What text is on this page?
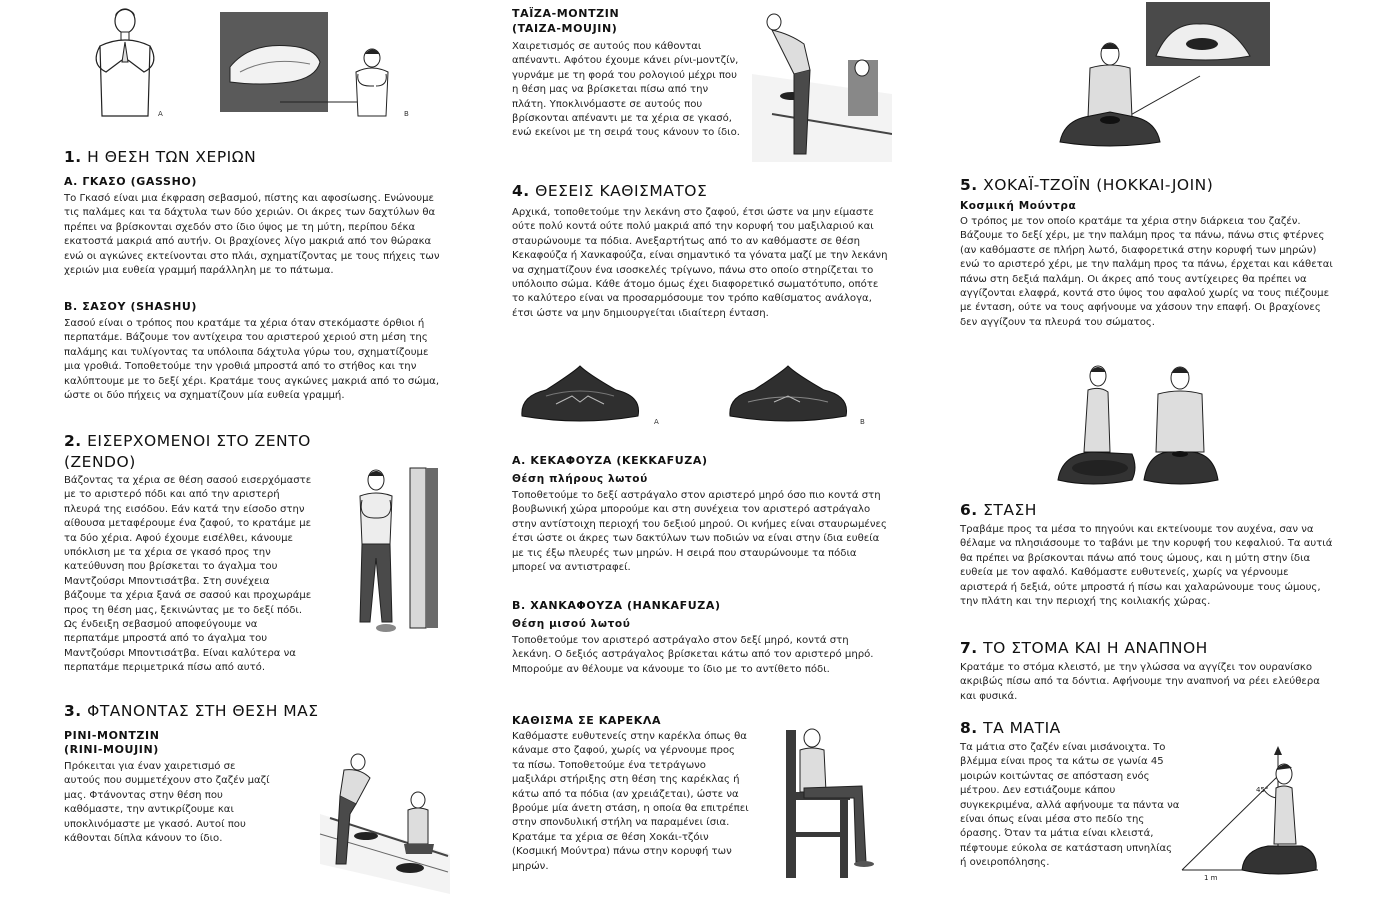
A	B
1. Η ΘΕΣΗ ΤΩΝ ΧΕΡΙΩΝ
Α. ΓΚΑΣΟ (GASSHO)

Το Γκασό είναι μια έκφραση σεβασμού, πίστης και αφοσίωσης. Ενώνουμε τις παλάμες και τα δάχτυλα των δύο χεριών. Οι άκρες των δαχτύλων θα πρέπει να βρίσκονται σχεδόν στο ίδιο ύψος με τη μύτη, περίπου δέκα εκατοστά μακριά από αυτήν. Οι βραχίονες λίγο μακριά από τον θώρακα ενώ οι αγκώνες εκτείνονται στο πλάι, σχηματίζοντας με τους πήχεις των χεριών μια ευθεία γραμμή παράλληλη με το πάτωμα.

Β. ΣΑΣΟΥ (SHASHU)

Σασού είναι ο τρόπος που κρατάμε τα χέρια όταν στεκόμαστε όρθιοι ή περπατάμε. Βάζουμε τον αντίχειρα του αριστερού χεριού στη μέση της παλάμης και τυλίγοντας τα υπόλοιπα δάχτυλα γύρω του, σχηματίζουμε μια γροθιά. Τοποθετούμε την γροθιά μπροστά από το στήθος και την καλύπτουμε με το δεξί χέρι. Κρατάμε τους αγκώνες μακριά από το σώμα, ώστε οι δύο πήχεις να σχηματίζουν μία ευθεία γραμμή.

2. ΕΙΣΕΡΧΟΜΕΝΟΙ ΣΤΟ ΖΕΝΤΟ
(ZENDO)

Βάζοντας τα χέρια σε θέση σασού εισερχόμαστε με το αριστερό πόδι και από την αριστερή πλευρά της εισόδου. Εάν κατά την είσοδο στην αίθουσα μεταφέρουμε ένα ζαφού, το κρατάμε με τα δύο χέρια. Αφού έχουμε εισέλθει, κάνουμε υπόκλιση με τα χέρια σε γκασό προς την κατεύθυνση που βρίσκεται το άγαλμα του Μαντζούσρι Μποντισάτβα. Στη συνέχεια βάζουμε τα χέρια ξανά σε σασού και προχωράμε προς τη θέση μας, ξεκινώντας με το δεξί πόδι. Ως ένδειξη σεβασμού αποφεύγουμε να περπατάμε μπροστά από το άγαλμα του Μαντζούσρι Μποντισάτβα. Είναι καλύτερα να περπατάμε περιμετρικά πίσω από αυτό.

3. ΦΤΑΝΟΝΤΑΣ ΣΤΗ ΘΕΣΗ ΜΑΣ
PINI-MONTZIN
(RINI-MOUJIN)

Πρόκειται για έναν χαιρετισμό σε αυτούς που συμμετέχουν στο ζαζέν μαζί μας. Φτάνοντας στην θέση που καθόμαστε, την αντικρίζουμε και υποκλινόμαστε με γκασό. Αυτοί που κάθονται δίπλα κάνουν το ίδιο.

ΤΑΪΖΑ-ΜΟΝΤΖΙΝ
(TAIZA-MOUJIN)

Χαιρετισμός σε αυτούς που κάθονται απέναντι. Αφότου έχουμε κάνει ρίνι-μοντζίν, γυρνάμε με τη φορά του ρολογιού μέχρι που η θέση μας να βρίσκεται πίσω από την πλάτη. Υποκλινόμαστε σε αυτούς που βρίσκονται απέναντι με τα χέρια σε γκασό, ενώ εκείνοι με τη σειρά τους κάνουν το ίδιο.

4. ΘΕΣΕΙΣ ΚΑΘΙΣΜΑΤΟΣ

Αρχικά, τοποθετούμε την λεκάνη στο ζαφού, έτσι ώστε να μην είμαστε ούτε πολύ κοντά ούτε πολύ μακριά από την κορυφή του μαξιλαριού και σταυρώνουμε τα πόδια. Ανεξαρτήτως από το αν καθόμαστε σε θέση Κεκαφούζα ή Χανκαφούζα, είναι σημαντικό τα γόνατα μαζί με την λεκάνη να σχηματίζουν ένα ισοσκελές τρίγωνο, πάνω στο οποίο στηρίζεται το υπόλοιπο σώμα. Κάθε άτομο όμως έχει διαφορετικό σωματότυπο, οπότε το καλύτερο είναι να προσαρμόσουμε τον τρόπο καθίσματος ανάλογα, έτσι ώστε να μην δημιουργείται ιδιαίτερη ένταση.

A	B
Α. ΚΕΚΑΦΟΥΖΑ (KEKKAFUZA)
Θέση πλήρους λωτού

Τοποθετούμε το δεξί αστράγαλο στον αριστερό μηρό όσο πιο κοντά στη βουβωνική χώρα μπορούμε και στη συνέχεια τον αριστερό αστράγαλο στην αντίστοιχη περιοχή του δεξιού μηρού. Οι κνήμες είναι σταυρωμένες έτσι ώστε οι άκρες των δακτύλων των ποδιών να είναι στην ίδια ευθεία με τις έξω πλευρές των μηρών. Η σειρά που σταυρώνουμε τα πόδια μπορεί να αντιστραφεί.

Β. ΧΑΝΚΑΦΟΥΖΑ (HANKAFUZA)
Θέση μισού λωτού

Τοποθετούμε τον αριστερό αστράγαλο στον δεξί μηρό, κοντά στη λεκάνη. Ο δεξιός αστράγαλος βρίσκεται κάτω από τον αριστερό μηρό. Μπορούμε αν θέλουμε να κάνουμε το ίδιο με το αντίθετο πόδι.

ΚΑΘΙΣΜΑ ΣΕ ΚΑΡΕΚΛΑ

Καθόμαστε ευθυτενείς στην καρέκλα όπως θα κάναμε στο ζαφού, χωρίς να γέρνουμε προς τα πίσω. Τοποθετούμε ένα τετράγωνο μαξιλάρι στήριξης στη θέση της καρέκλας ή κάτω από τα πόδια (αν χρειάζεται), ώστε να βρούμε μία άνετη στάση, η οποία θα επιτρέπει στην σπονδυλική στήλη να παραμένει ίσια. Κρατάμε τα χέρια σε θέση Χοκάι-τζόιν (Κοσμική Μούντρα) πάνω στην κορυφή των μηρών.

5. ΧΟΚΑΪ-ΤΖΟΪΝ (HOKKAI-JOIN)
Κοσμική Μούντρα

Ο τρόπος με τον οποίο κρατάμε τα χέρια στην διάρκεια του ζαζέν. Βάζουμε το δεξί χέρι, με την παλάμη προς τα πάνω, πάνω στις φτέρνες (αν καθόμαστε σε πλήρη λωτό, διαφορετικά στην κορυφή των μηρών) ενώ το αριστερό χέρι, με την παλάμη προς τα πάνω, έρχεται και κάθεται πάνω στη δεξιά παλάμη. Οι άκρες από τους αντίχειρες θα πρέπει να αγγίζονται ελαφρά, κοντά στο ύψος του αφαλού χωρίς να τους πιέζουμε με ένταση, ούτε να τους αφήνουμε να χάσουν την επαφή. Οι βραχίονες δεν αγγίζουν τα πλευρά του σώματος.

6. ΣΤΑΣΗ

Τραβάμε προς τα μέσα το πηγούνι και εκτείνουμε τον αυχένα, σαν να θέλαμε να πλησιάσουμε το ταβάνι με την κορυφή του κεφαλιού. Τα αυτιά θα πρέπει να βρίσκονται πάνω από τους ώμους, και η μύτη στην ίδια ευθεία με τον αφαλό. Καθόμαστε ευθυτενείς, χωρίς να γέρνουμε αριστερά ή δεξιά, ούτε μπροστά ή πίσω και χαλαρώνουμε τους ώμους, την πλάτη και την περιοχή της κοιλιακής χώρας.

7. ΤΟ ΣΤΟΜΑ ΚΑΙ Η ΑΝΑΠΝΟΗ

Κρατάμε το στόμα κλειστό, με την γλώσσα να αγγίζει τον ουρανίσκο ακριβώς πίσω από τα δόντια. Αφήνουμε την αναπνοή να ρέει ελεύθερα και φυσικά.

8. ΤΑ ΜΑΤΙΑ

Τα μάτια στο ζαζέν είναι μισάνοιχτα. Το βλέμμα είναι προς τα κάτω σε γωνία 45 μοιρών κοιτώντας σε απόσταση ενός μέτρου. Δεν εστιάζουμε κάπου συγκεκριμένα, αλλά αφήνουμε τα πάντα να είναι όπως είναι μέσα στο πεδίο της όρασης. Όταν τα μάτια είναι κλειστά, πέφτουμε εύκολα σε κατάσταση υπνηλίας ή ονειροπόλησης.

45°
1 m
